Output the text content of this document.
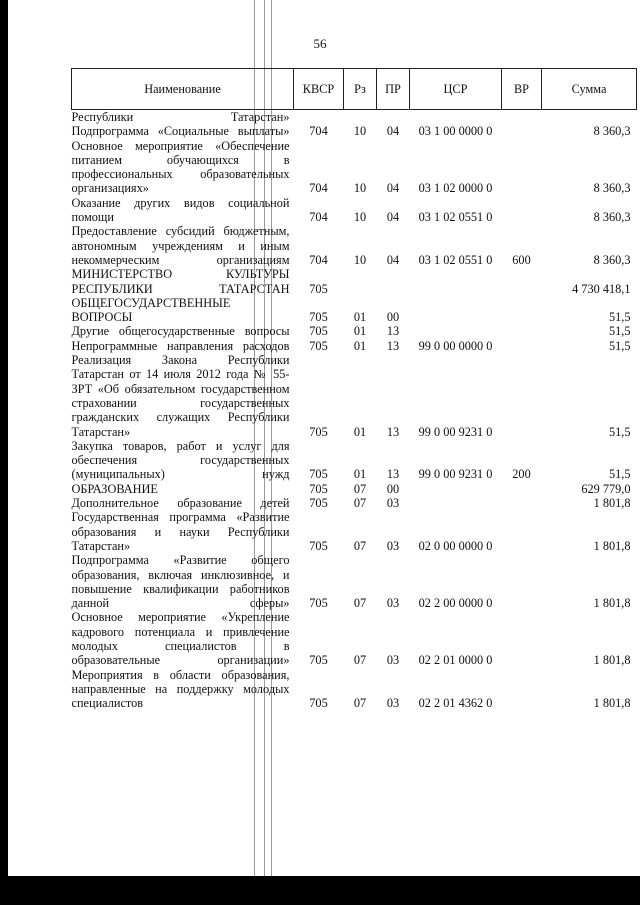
56
Наименование	КВСР	Рз	ПР	ЦСР	ВР	Сумма
Республики Татарстан»						
Подпрограмма «Социальные выплаты»	704	10	04	03 1 00 0000 0		8 360,3
Основное мероприятие «Обеспечение питанием обучающихся в профессиональных образовательных организациях»	704	10	04	03 1 02 0000 0		8 360,3
Оказание других видов социальной помощи	704	10	04	03 1 02 0551 0		8 360,3
Предоставление субсидий бюджетным, автономным учреждениям и иным некоммерческим организациям	704	10	04	03 1 02 0551 0	600	8 360,3
МИНИСТЕРСТВО КУЛЬТУРЫ РЕСПУБЛИКИ ТАТАРСТАН	705					4 730 418,1
ОБЩЕГОСУДАРСТВЕННЫЕ ВОПРОСЫ	705	01	00			51,5
Другие общегосударственные вопросы	705	01	13			51,5
Непрограммные направления расходов	705	01	13	99 0 00 0000 0		51,5
Реализация Закона Республики Татарстан от 14 июля 2012 года № 55-ЗРТ «Об обязательном государственном страховании государственных гражданских служащих Республики Татарстан»	705	01	13	99 0 00 9231 0		51,5
Закупка товаров, работ и услуг для обеспечения государственных (муниципальных) нужд	705	01	13	99 0 00 9231 0	200	51,5
ОБРАЗОВАНИЕ	705	07	00			629 779,0
Дополнительное образование детей	705	07	03			1 801,8
Государственная программа «Развитие образования и науки Республики Татарстан»	705	07	03	02 0 00 0000 0		1 801,8
Подпрограмма «Развитие общего образования, включая инклюзивное, и повышение квалификации работников данной сферы»	705	07	03	02 2 00 0000 0		1 801,8
Основное мероприятие «Укрепление кадрового потенциала и привлечение молодых специалистов в образовательные организации»	705	07	03	02 2 01 0000 0		1 801,8
Мероприятия в области образования, направленные на поддержку молодых специалистов	705	07	03	02 2 01 4362 0		1 801,8
